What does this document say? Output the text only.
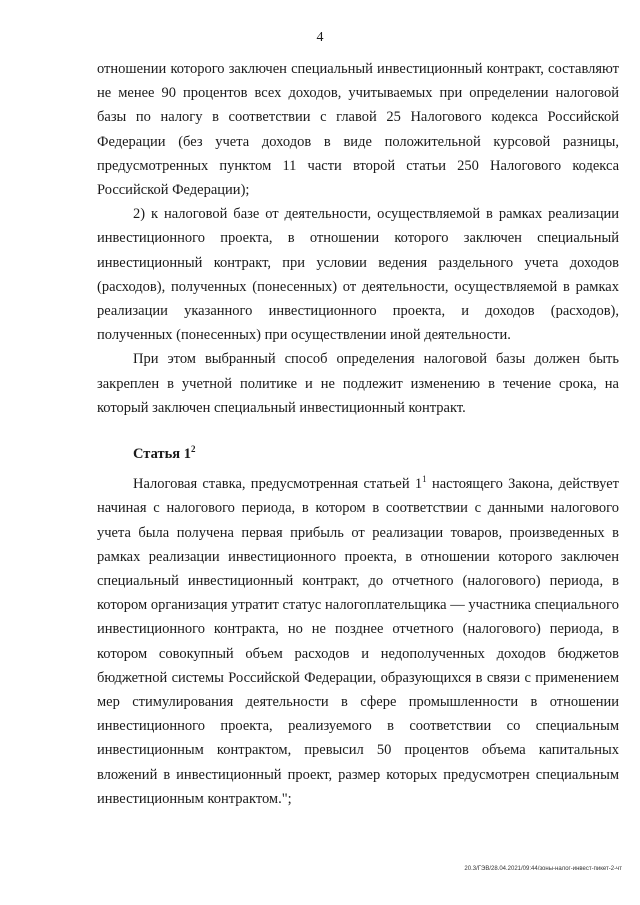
4

отношении которого заключен специальный инвестиционный контракт, составляют не менее 90 процентов всех доходов, учитываемых при определении налоговой базы по налогу в соответствии с главой 25 Налогового кодекса Российской Федерации (без учета доходов в виде положительной курсовой разницы, предусмотренных пунктом 11 части второй статьи 250 Налогового кодекса Российской Федерации);

2) к налоговой базе от деятельности, осуществляемой в рамках реализации инвестиционного проекта, в отношении которого заключен специальный инвестиционный контракт, при условии ведения раздельного учета доходов (расходов), полученных (понесенных) от деятельности, осуществляемой в рамках реализации указанного инвестиционного проекта, и доходов (расходов), полученных (понесенных) при осуществлении иной деятельности.

При этом выбранный способ определения налоговой базы должен быть закреплен в учетной политике и не подлежит изменению в течение срока, на который заключен специальный инвестиционный контракт.

Статья $1^2$

Налоговая ставка, предусмотренная статьей $1^1$ настоящего Закона, действует начиная с налогового периода, в котором в соответствии с данными налогового учета была получена первая прибыль от реализации товаров, произведенных в рамках реализации инвестиционного проекта, в отношении которого заключен специальный инвестиционный контракт, до отчетного (налогового) периода, в котором организация утратит статус налогоплательщика — участника специального инвестиционного контракта, но не позднее отчетного (налогового) периода, в котором совокупный объем расходов и недополученных доходов бюджетов бюджетной системы Российской Федерации, образующихся в связи с применением мер стимулирования деятельности в сфере промышленности в отношении инвестиционного проекта, реализуемого в соответствии со специальным инвестиционным контрактом, превысил 50 процентов объема капитальных вложений в инвестиционный проект, размер которых предусмотрен специальным инвестиционным контрактом.";

20.3/ГЭВ/28.04.2021/09:44/зоны-налог-инвест-пикет-2-чт
